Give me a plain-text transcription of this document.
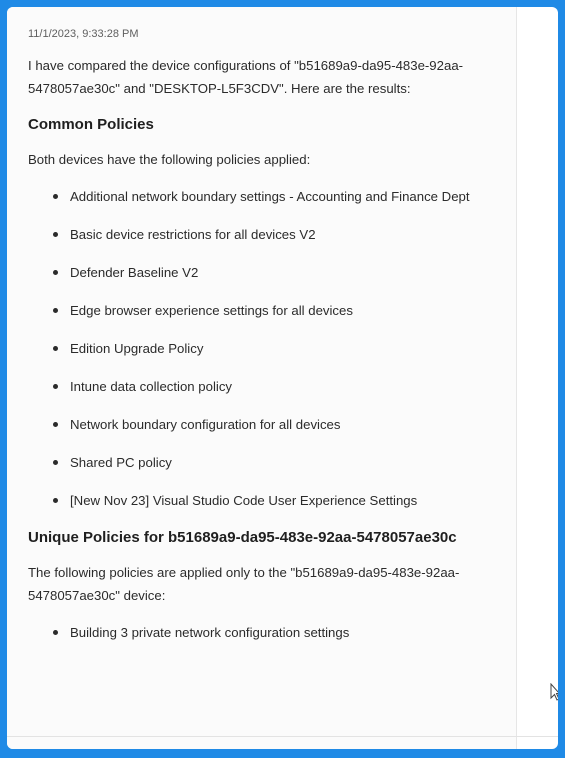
11/1/2023, 9:33:28 PM

I have compared the device configurations of "b51689a9-da95-483e-92aa-5478057ae30c" and "DESKTOP-L5F3CDV". Here are the results:

Common Policies

Both devices have the following policies applied:

Additional network boundary settings - Accounting and Finance Dept
Basic device restrictions for all devices V2
Defender Baseline V2
Edge browser experience settings for all devices
Edition Upgrade Policy
Intune data collection policy
Network boundary configuration for all devices
Shared PC policy
[New Nov 23] Visual Studio Code User Experience Settings
Unique Policies for b51689a9-da95-483e-92aa-5478057ae30c

The following policies are applied only to the "b51689a9-da95-483e-92aa-5478057ae30c" device:

Building 3 private network configuration settings
